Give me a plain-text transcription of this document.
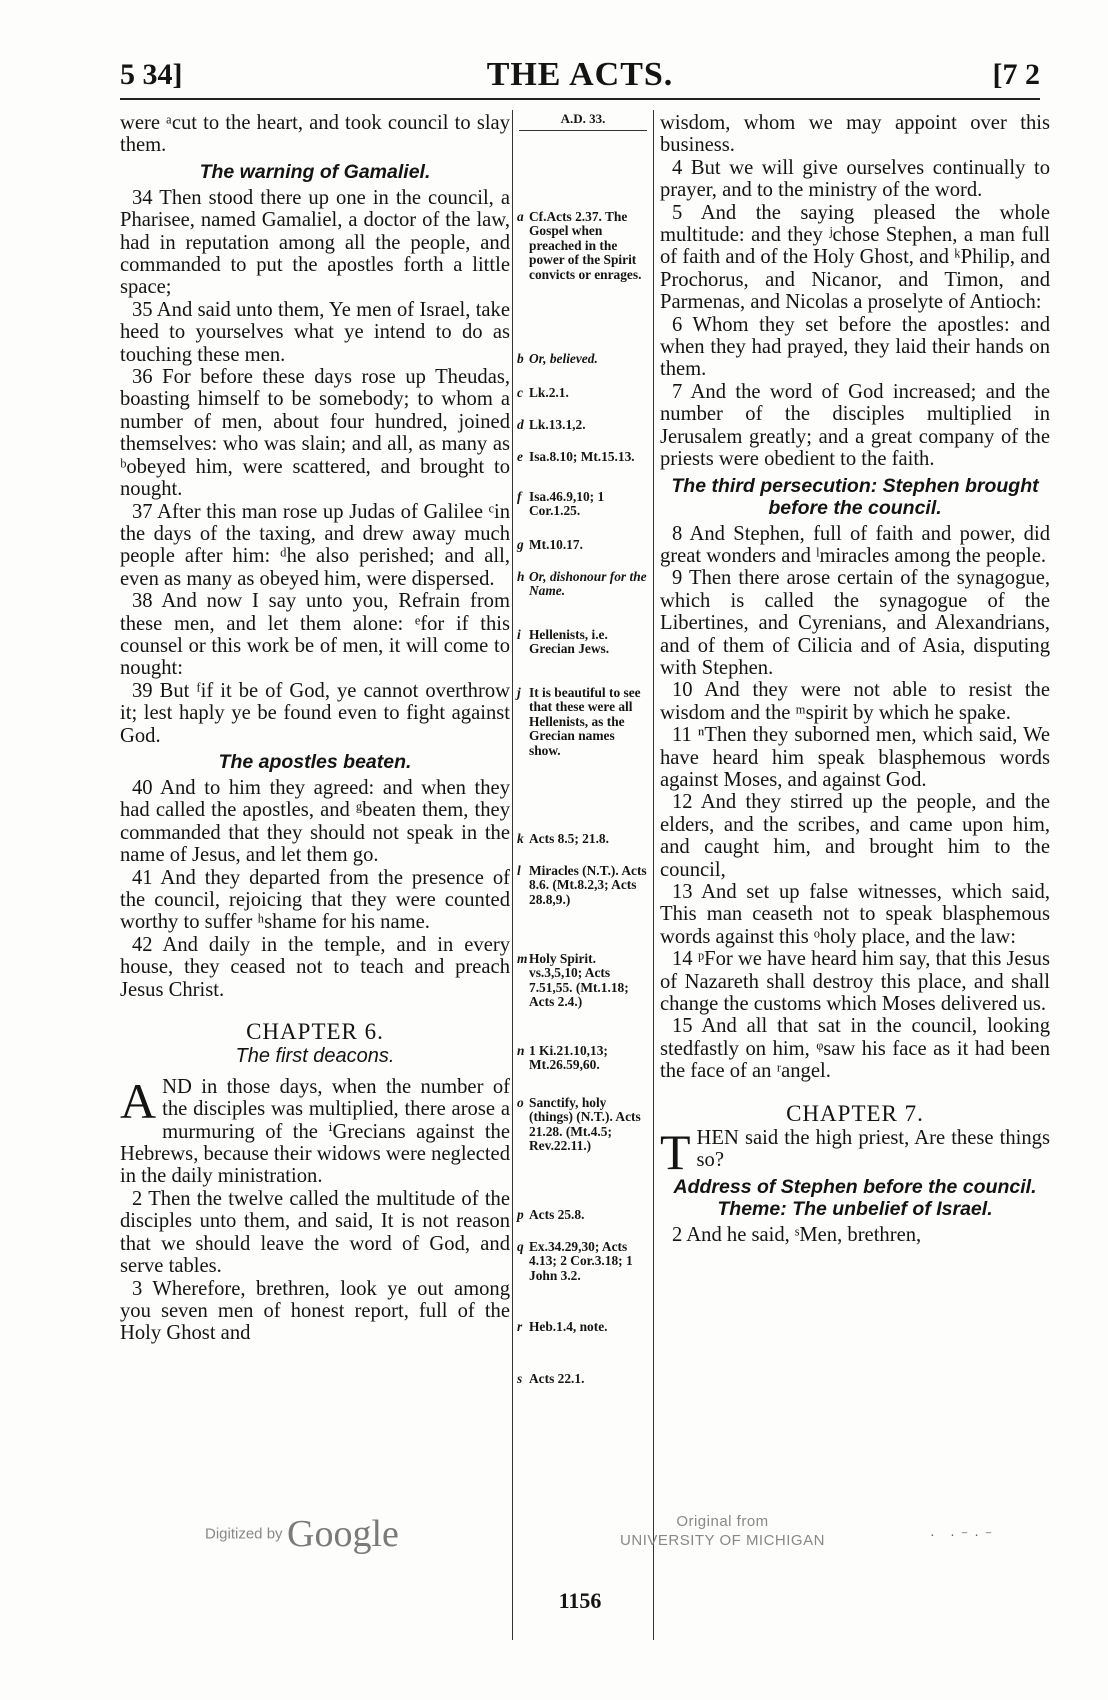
5 34]	THE ACTS.	[7 2

were ᵃcut to the heart, and took council to slay them.

The warning of Gamaliel.

34 Then stood there up one in the council, a Pharisee, named Gamaliel, a doctor of the law, had in reputation among all the people, and commanded to put the apostles forth a little space;

35 And said unto them, Ye men of Israel, take heed to yourselves what ye intend to do as touching these men.

36 For before these days rose up Theudas, boasting himself to be somebody; to whom a number of men, about four hundred, joined themselves: who was slain; and all, as many as ᵇobeyed him, were scattered, and brought to nought.

37 After this man rose up Judas of Galilee ᶜin the days of the taxing, and drew away much people after him: ᵈhe also perished; and all, even as many as obeyed him, were dispersed.

38 And now I say unto you, Refrain from these men, and let them alone: ᵉfor if this counsel or this work be of men, it will come to nought:

39 But ᶠif it be of God, ye cannot overthrow it; lest haply ye be found even to fight against God.

The apostles beaten.

40 And to him they agreed: and when they had called the apostles, and ᵍbeaten them, they commanded that they should not speak in the name of Jesus, and let them go.

41 And they departed from the presence of the council, rejoicing that they were counted worthy to suffer ʰshame for his name.

42 And daily in the temple, and in every house, they ceased not to teach and preach Jesus Christ.

CHAPTER 6.

The first deacons.

AND in those days, when the number of the disciples was multiplied, there arose a murmuring of the ⁱGrecians against the Hebrews, because their widows were neglected in the daily ministration.

2 Then the twelve called the multitude of the disciples unto them, and said, It is not reason that we should leave the word of God, and serve tables.

3 Wherefore, brethren, look ye out among you seven men of honest report, full of the Holy Ghost and

A.D. 33.
a Cf.Acts 2.37. The Gospel when preached in the power of the Spirit convicts or enrages.
b Or, believed.
c Lk.2.1.
d Lk.13.1,2.
e Isa.8.10; Mt.15.13.
f Isa.46.9,10; 1 Cor.1.25.
g Mt.10.17.
h Or, dishonour for the Name.
i Hellenists, i.e. Grecian Jews.
j It is beautiful to see that these were all Hellenists, as the Grecian names show.
k Acts 8.5; 21.8.
l Miracles (N.T.). Acts 8.6. (Mt.8.2,3; Acts 28.8,9.)
m Holy Spirit. vs.3,5,10; Acts 7.51,55. (Mt.1.18; Acts 2.4.)
n 1 Ki.21.10,13; Mt.26.59,60.
o Sanctify, holy (things) (N.T.). Acts 21.28. (Mt.4.5; Rev.22.11.)
p Acts 25.8.
q Ex.34.29,30; Acts 4.13; 2 Cor.3.18; 1 John 3.2.
r Heb.1.4, note.
s Acts 22.1.

wisdom, whom we may appoint over this business.

4 But we will give ourselves continually to prayer, and to the ministry of the word.

5 And the saying pleased the whole multitude: and they ʲchose Stephen, a man full of faith and of the Holy Ghost, and ᵏPhilip, and Prochorus, and Nicanor, and Timon, and Parmenas, and Nicolas a proselyte of Antioch:

6 Whom they set before the apostles: and when they had prayed, they laid their hands on them.

7 And the word of God increased; and the number of the disciples multiplied in Jerusalem greatly; and a great company of the priests were obedient to the faith.

The third persecution: Stephen brought before the council.

8 And Stephen, full of faith and power, did great wonders and ˡmiracles among the people.

9 Then there arose certain of the synagogue, which is called the synagogue of the Libertines, and Cyrenians, and Alexandrians, and of them of Cilicia and of Asia, disputing with Stephen.

10 And they were not able to resist the wisdom and the ᵐspirit by which he spake.

11 ⁿThen they suborned men, which said, We have heard him speak blasphemous words against Moses, and against God.

12 And they stirred up the people, and the elders, and the scribes, and came upon him, and caught him, and brought him to the council,

13 And set up false witnesses, which said, This man ceaseth not to speak blasphemous words against this ᵒholy place, and the law:

14 ᵖFor we have heard him say, that this Jesus of Nazareth shall destroy this place, and shall change the customs which Moses delivered us.

15 And all that sat in the council, looking stedfastly on him, ᵠsaw his face as it had been the face of an ʳangel.

CHAPTER 7.

THEN said the high priest, Are these things so?

Address of Stephen before the council. Theme: The unbelief of Israel.

2 And he said, ˢMen, brethren,

1156
Digitized by Google	Original from
UNIVERSITY OF MICHIGAN	· ·⁻·⁻
